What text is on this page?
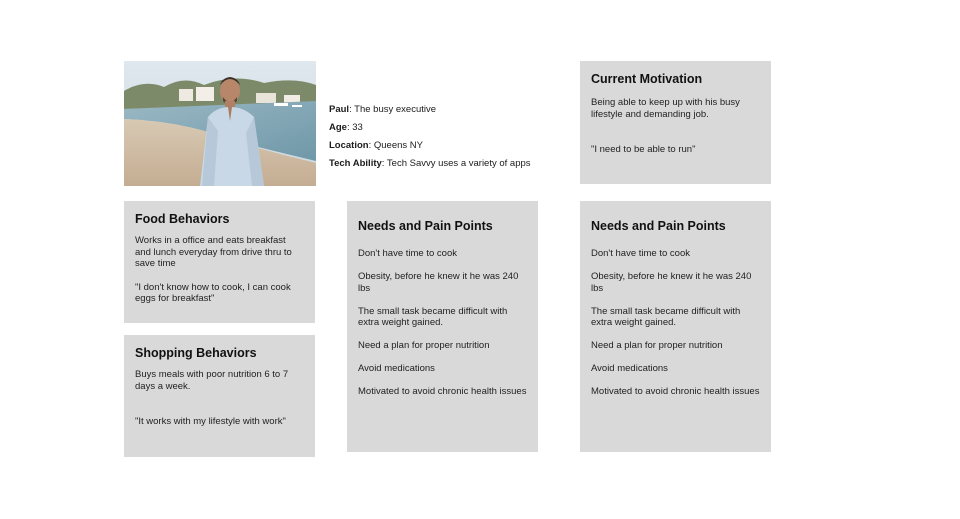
Paul: The busy executive
Age: 33
Location: Queens NY
Tech Ability: Tech Savvy uses a variety of apps
Current Motivation

Being able to keep up with his busy lifestyle and demanding job.

"I need to be able to run"

Food Behaviors

Works in a office and eats breakfast and lunch everyday from drive thru to save time

"I don't know how to cook, I can cook eggs for breakfast"

Shopping Behaviors

Buys meals with poor nutrition 6 to 7 days a week.

"It works with my lifestyle with work"

Needs and Pain Points

Don't have time to cook

Obesity, before he knew it he was 240 lbs

The small task became difficult with extra weight gained.

Need a plan for proper nutrition

Avoid medications

Motivated to avoid chronic health issues

Needs and Pain Points

Don't have time to cook

Obesity, before he knew it he was 240 lbs

The small task became difficult with extra weight gained.

Need a plan for proper nutrition

Avoid medications

Motivated to avoid chronic health issues
